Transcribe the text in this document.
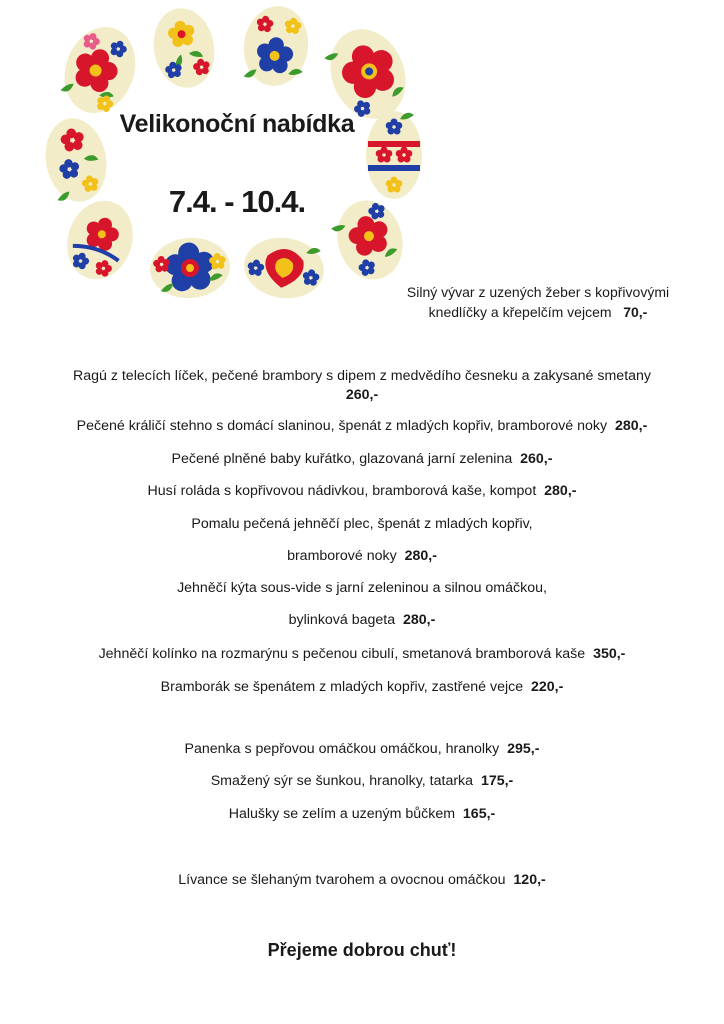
Velikonoční nabídka
7.4. - 10.4.
Silný vývar z uzených žeber s kopřivovými
knedlíčky a křepelčím vejcem 70,-
Ragú z telecích líček, pečené brambory s dipem z medvědího česneku a zakysané smetany
260,-
Pečené králičí stehno s domácí slaninou, špenát z mladých kopřiv, bramborové noky 280,-
Pečené plněné baby kuřátko, glazovaná jarní zelenina 260,-
Husí roláda s kopřivovou nádivkou, bramborová kaše, kompot 280,-
Pomalu pečená jehněčí plec, špenát z mladých kopřiv,
bramborové noky 280,-
Jehněčí kýta sous-vide s jarní zeleninou a silnou omáčkou,
bylinková bageta 280,-
Jehněčí kolínko na rozmarýnu s pečenou cibulí, smetanová bramborová kaše 350,-
Bramborák se špenátem z mladých kopřiv, zastřené vejce 220,-
Panenka s pepřovou omáčkou omáčkou, hranolky 295,-
Smažený sýr se šunkou, hranolky, tatarka 175,-
Halušky se zelím a uzeným bůčkem 165,-
Lívance se šlehaným tvarohem a ovocnou omáčkou 120,-
Přejeme dobrou chuť!
